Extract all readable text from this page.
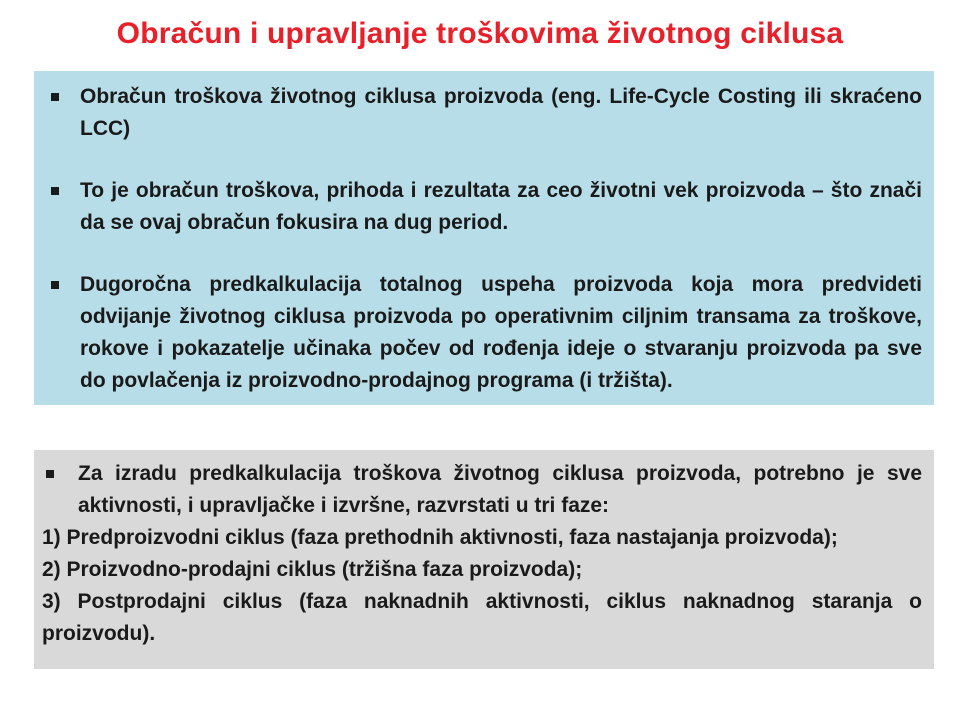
Obračun i upravljanje troškovima životnog ciklusa
Obračun troškova životnog ciklusa proizvoda (eng. Life-Cycle Costing ili skraćeno LCC)
To je obračun troškova, prihoda i rezultata za ceo životni vek proizvoda – što znači da se ovaj obračun fokusira na dug period.
Dugoročna predkalkulacija totalnog uspeha proizvoda koja mora predvideti odvijanje životnog ciklusa proizvoda po operativnim ciljnim transama za troškove, rokove i pokazatelje učinaka počev od rođenja ideje o stvaranju proizvoda pa sve do povlačenja iz proizvodno-prodajnog programa (i tržišta).
Za izradu predkalkulacija troškova životnog ciklusa proizvoda, potrebno je sve aktivnosti, i upravljačke i izvršne, razvrstati u tri faze:
1) Predproizvodni ciklus (faza prethodnih aktivnosti, faza nastajanja proizvoda);
2) Proizvodno-prodajni ciklus (tržišna faza proizvoda);
3) Postprodajni ciklus (faza naknadnih aktivnosti, ciklus naknadnog staranja o proizvodu).
